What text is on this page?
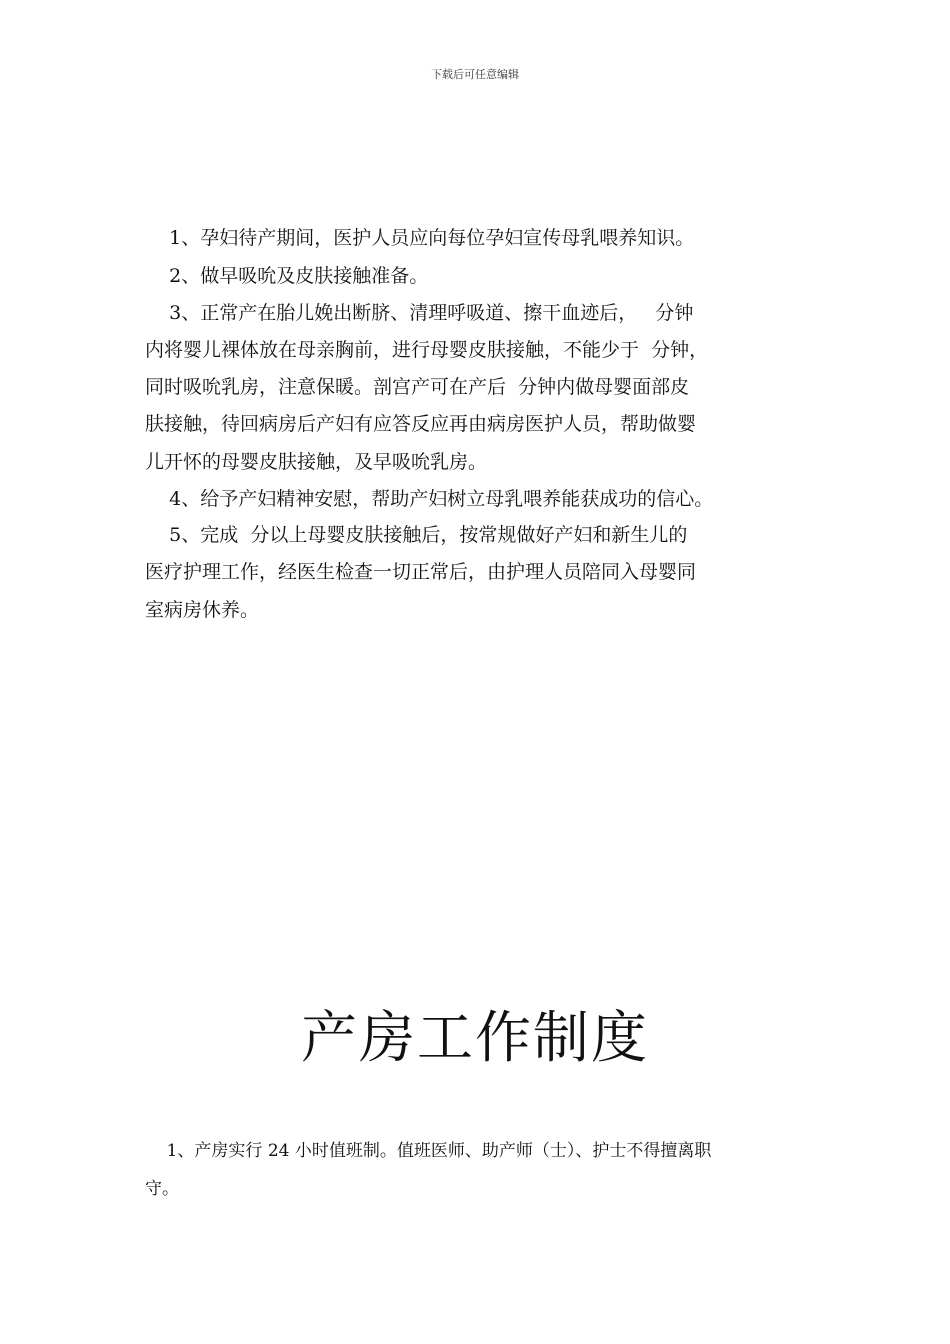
下载后可任意编辑
1、孕妇待产期间，医护人员应向每位孕妇宣传母乳喂养知识。
2、做早吸吮及皮肤接触准备。
3、正常产在胎儿娩出断脐、清理呼吸道、擦干血迹后，   分钟
内将婴儿裸体放在母亲胸前，进行母婴皮肤接触，不能少于  分钟，
同时吸吮乳房，注意保暖。剖宫产可在产后  分钟内做母婴面部皮
肤接触，待回病房后产妇有应答反应再由病房医护人员，帮助做婴
儿开怀的母婴皮肤接触，及早吸吮乳房。
4、给予产妇精神安慰，帮助产妇树立母乳喂养能获成功的信心。
5、完成  分以上母婴皮肤接触后，按常规做好产妇和新生儿的
医疗护理工作，经医生检查一切正常后，由护理人员陪同入母婴同
室病房休养。
产房工作制度
1、产房实行 24 小时值班制。值班医师、助产师（士）、护士不得擅离职
守。
